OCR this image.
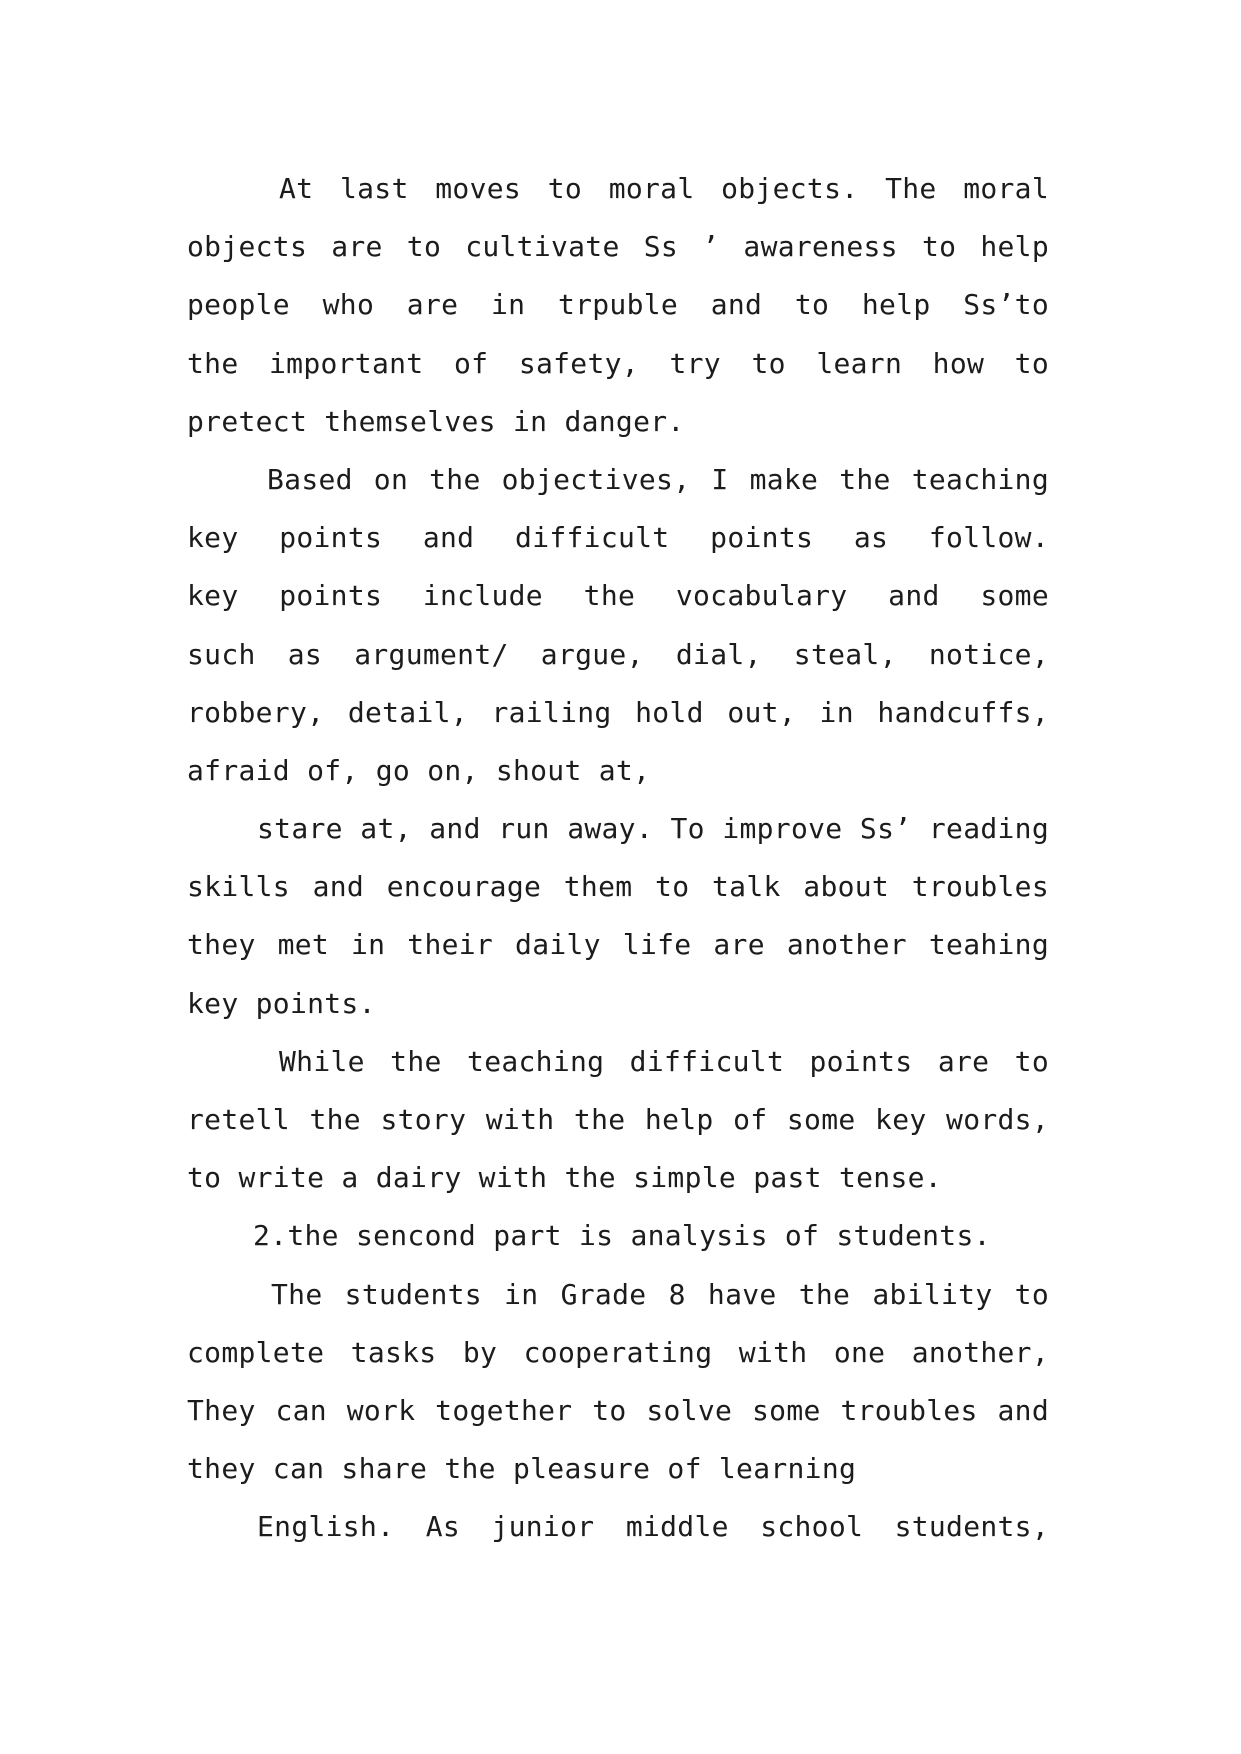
At last moves to moral objects. The moral
objects are to cultivate Ss ’ awareness to help
people who are in trpuble and to help Ss’to
the important of safety, try to learn how to
pretect themselves in danger.
Based on the objectives, I make the teaching
key points and difficult points as follow.
key points include the vocabulary and some
such as argument/ argue, dial, steal, notice,
robbery, detail, railing hold out, in handcuffs,
afraid of, go on, shout at,
stare at, and run away. To improve Ss’ reading
skills and encourage them to talk about troubles
they met in their daily life are another teahing
key points.
While the teaching difficult points are to
retell the story with the help of some key words,
to write a dairy with the simple past tense.
2.the sencond part is analysis of students.
The students in Grade 8 have the ability to
complete tasks by cooperating with one another,
They can work together to solve some troubles and
they can share the pleasure of learning
English. As junior middle school students,
